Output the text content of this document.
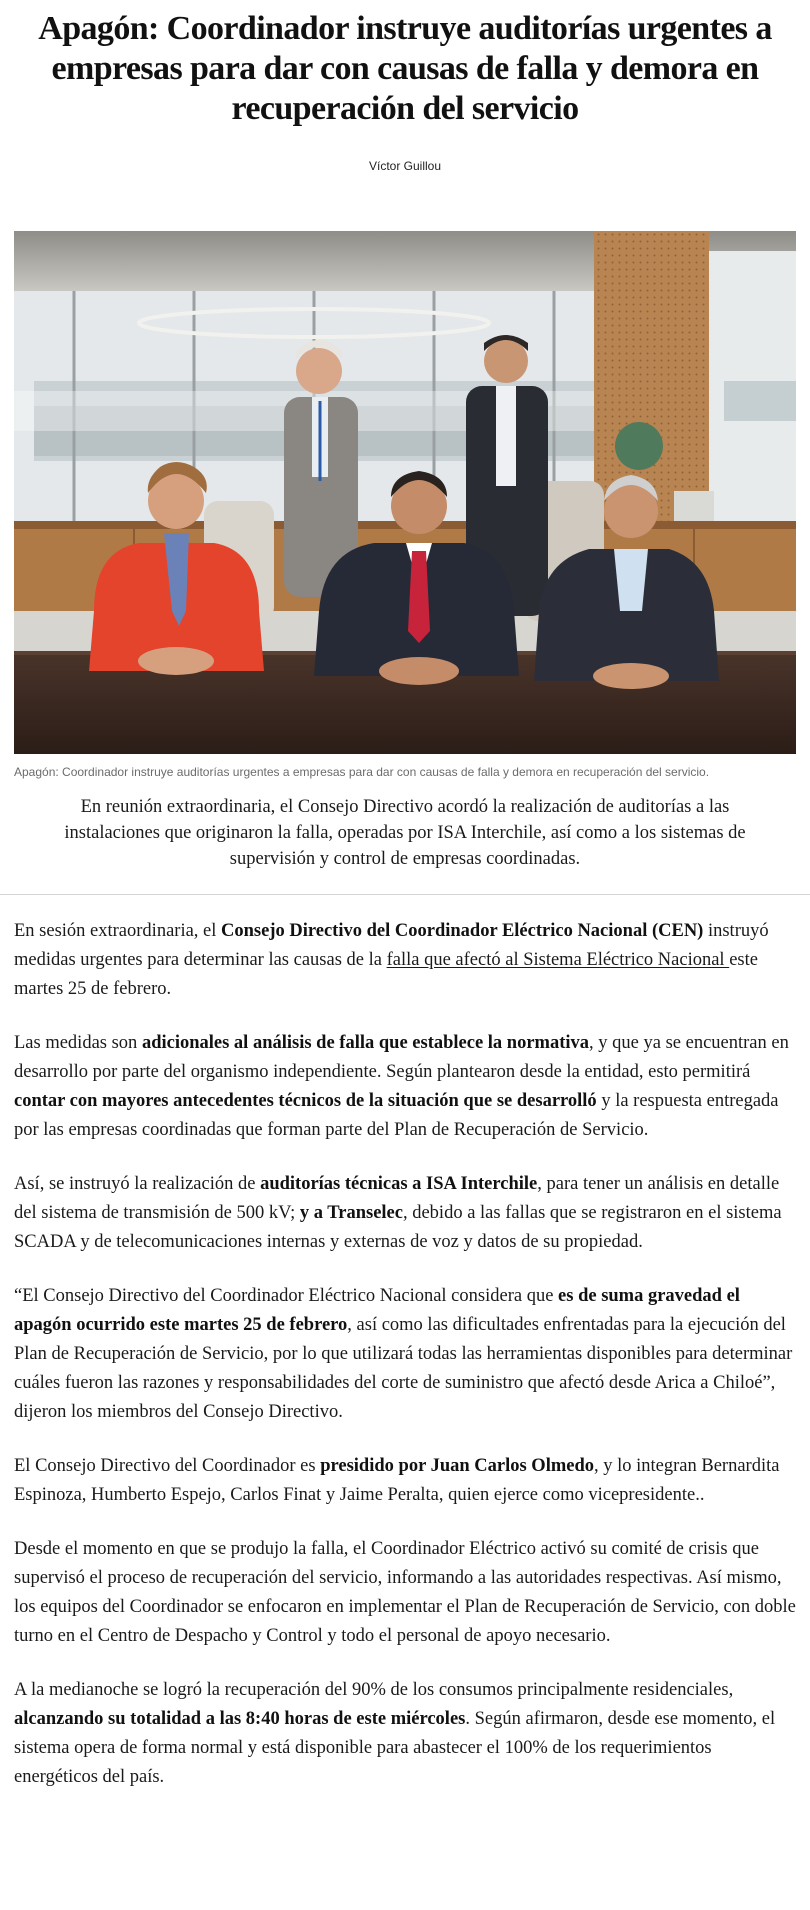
Apagón: Coordinador instruye auditorías urgentes a empresas para dar con causas de falla y demora en recuperación del servicio
Víctor Guillou
Apagón: Coordinador instruye auditorías urgentes a empresas para dar con causas de falla y demora en recuperación del servicio.

En reunión extraordinaria, el Consejo Directivo acordó la realización de auditorías a las instalaciones que originaron la falla, operadas por ISA Interchile, así como a los sistemas de supervisión y control de empresas coordinadas.

En sesión extraordinaria, el Consejo Directivo del Coordinador Eléctrico Nacional (CEN) instruyó medidas urgentes para determinar las causas de la falla que afectó al Sistema Eléctrico Nacional este martes 25 de febrero.

Las medidas son adicionales al análisis de falla que establece la normativa, y que ya se encuentran en desarrollo por parte del organismo independiente. Según plantearon desde la entidad, esto permitirá contar con mayores antecedentes técnicos de la situación que se desarrolló y la respuesta entregada por las empresas coordinadas que forman parte del Plan de Recuperación de Servicio.

Así, se instruyó la realización de auditorías técnicas a ISA Interchile, para tener un análisis en detalle del sistema de transmisión de 500 kV; y a Transelec, debido a las fallas que se registraron en el sistema SCADA y de telecomunicaciones internas y externas de voz y datos de su propiedad.

“El Consejo Directivo del Coordinador Eléctrico Nacional considera que es de suma gravedad el apagón ocurrido este martes 25 de febrero, así como las dificultades enfrentadas para la ejecución del Plan de Recuperación de Servicio, por lo que utilizará todas las herramientas disponibles para determinar cuáles fueron las razones y responsabilidades del corte de suministro que afectó desde Arica a Chiloé”, dijeron los miembros del Consejo Directivo.

El Consejo Directivo del Coordinador es presidido por Juan Carlos Olmedo, y lo integran Bernardita Espinoza, Humberto Espejo, Carlos Finat y Jaime Peralta, quien ejerce como vicepresidente..

Desde el momento en que se produjo la falla, el Coordinador Eléctrico activó su comité de crisis que supervisó el proceso de recuperación del servicio, informando a las autoridades respectivas. Así mismo, los equipos del Coordinador se enfocaron en implementar el Plan de Recuperación de Servicio, con doble turno en el Centro de Despacho y Control y todo el personal de apoyo necesario.

A la medianoche se logró la recuperación del 90% de los consumos principalmente residenciales, alcanzando su totalidad a las 8:40 horas de este miércoles. Según afirmaron, desde ese momento, el sistema opera de forma normal y está disponible para abastecer el 100% de los requerimientos energéticos del país.
